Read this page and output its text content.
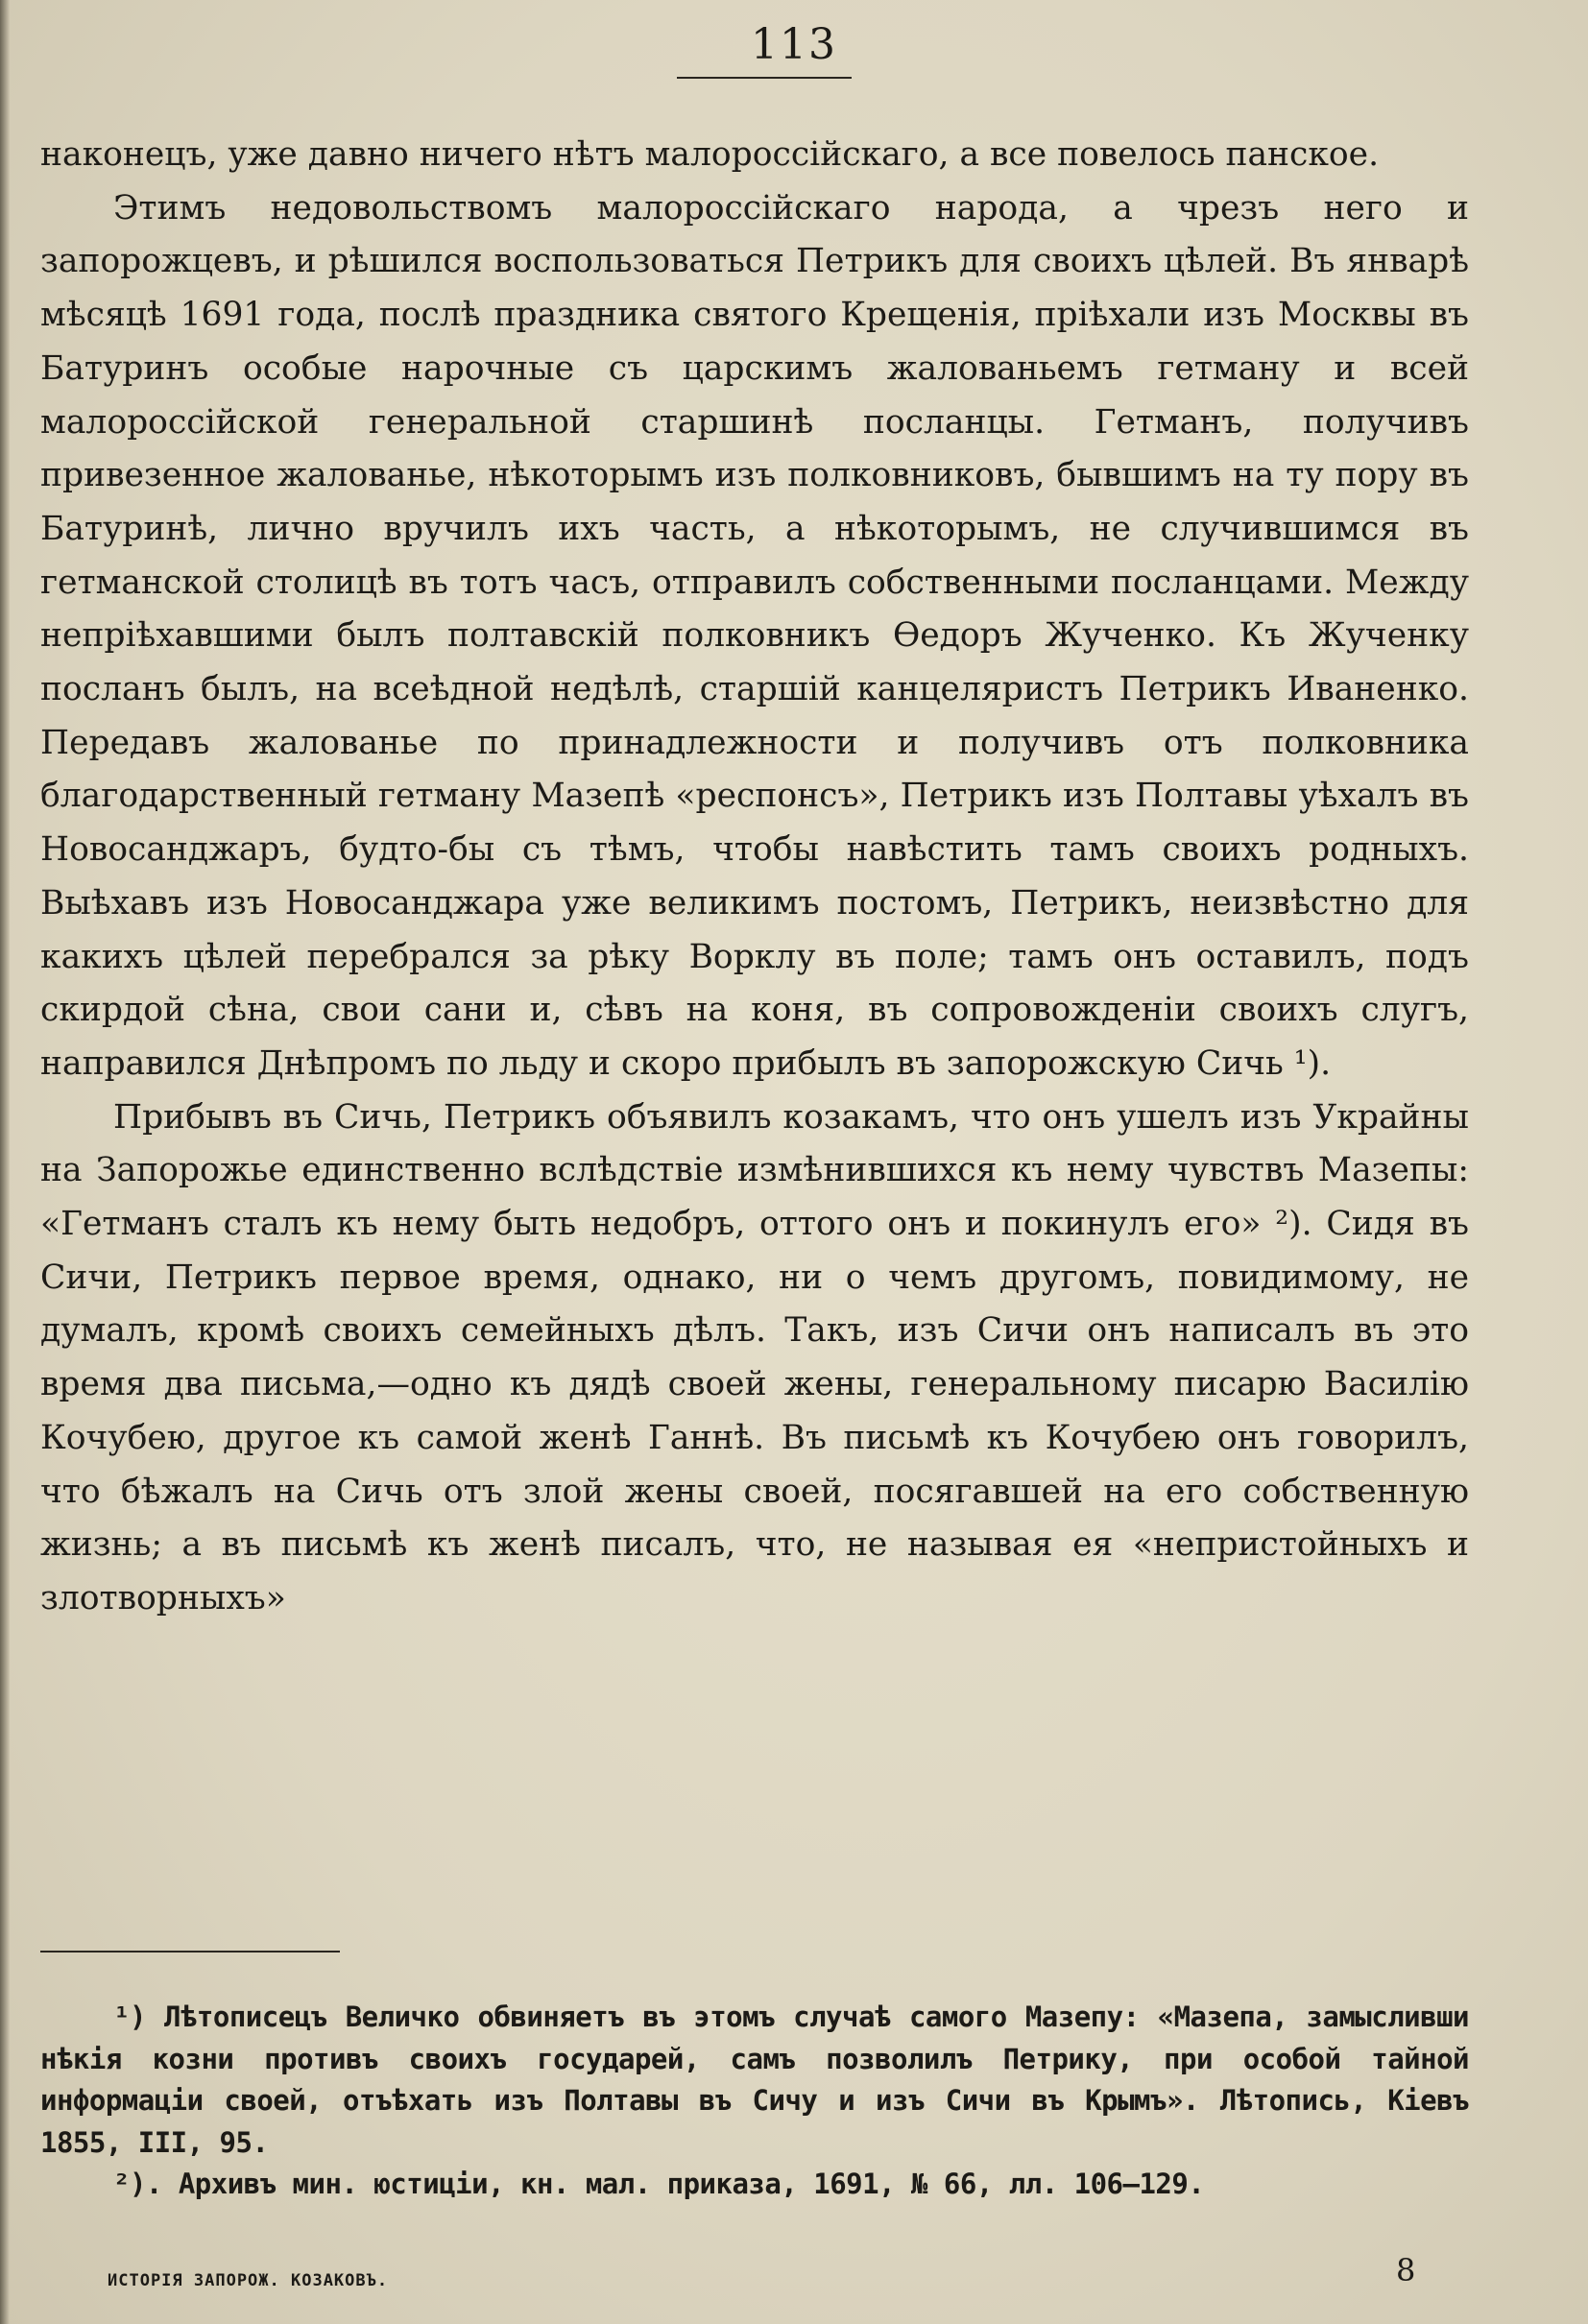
113

наконецъ, уже давно ничего нѣтъ малороссійскаго, а все повелось панское.

Этимъ недовольствомъ малороссійскаго народа, а чрезъ него и запорожцевъ, и рѣшился воспользоваться Петрикъ для своихъ цѣлей. Въ январѣ мѣсяцѣ 1691 года, послѣ праздника святого Крещенія, пріѣхали изъ Москвы въ Батуринъ особые нарочные съ царскимъ жалованьемъ гетману и всей малороссійской генеральной старшинѣ посланцы. Гетманъ, получивъ привезенное жалованье, нѣкоторымъ изъ полковниковъ, бывшимъ на ту пору въ Батуринѣ, лично вручилъ ихъ часть, а нѣкоторымъ, не случившимся въ гетманской столицѣ въ тотъ часъ, отправилъ собственными посланцами. Между непріѣхавшими былъ полтавскій полковникъ Ѳедоръ Жученко. Къ Жученку посланъ былъ, на всеѣдной недѣлѣ, старшій канцеляристъ Петрикъ Иваненко. Передавъ жалованье по принадлежности и получивъ отъ полковника благодарственный гетману Мазепѣ «респонсъ», Петрикъ изъ Полтавы уѣхалъ въ Новосанджаръ, будто-бы съ тѣмъ, чтобы навѣстить тамъ своихъ родныхъ. Выѣхавъ изъ Новосанджара уже великимъ постомъ, Петрикъ, неизвѣстно для какихъ цѣлей перебрался за рѣку Ворклу въ поле; тамъ онъ оставилъ, подъ скирдой сѣна, свои сани и, сѣвъ на коня, въ сопровожденіи своихъ слугъ, направился Днѣпромъ по льду и скоро прибылъ въ запорожскую Сичь ¹).

Прибывъ въ Сичь, Петрикъ объявилъ козакамъ, что онъ ушелъ изъ Украйны на Запорожье единственно вслѣдствіе измѣнившихся къ нему чувствъ Мазепы: «Гетманъ сталъ къ нему быть недобръ, оттого онъ и покинулъ его» ²). Сидя въ Сичи, Петрикъ первое время, однако, ни о чемъ другомъ, повидимому, не думалъ, кромѣ своихъ семейныхъ дѣлъ. Такъ, изъ Сичи онъ написалъ въ это время два письма,—одно къ дядѣ своей жены, генеральному писарю Василію Кочубею, другое къ самой женѣ Ганнѣ. Въ письмѣ къ Кочубею онъ говорилъ, что бѣжалъ на Сичь отъ злой жены своей, посягавшей на его собственную жизнь; а въ письмѣ къ женѣ писалъ, что, не называя ея «непристойныхъ и злотворныхъ»

¹) Лѣтописецъ Величко обвиняетъ въ этомъ случаѣ самого Мазепу: «Мазепа, замысливши нѣкія козни противъ своихъ государей, самъ позволилъ Петрику, при особой тайной информаціи своей, отъѣхать изъ Полтавы въ Сичу и изъ Сичи въ Крымъ». Лѣтопись, Кіевъ 1855, III, 95.

²). Архивъ мин. юстиціи, кн. мал. приказа, 1691, № 66, лл. 106—129.

ИСТОРІЯ ЗАПОРОЖ. КОЗАКОВЪ.	8
